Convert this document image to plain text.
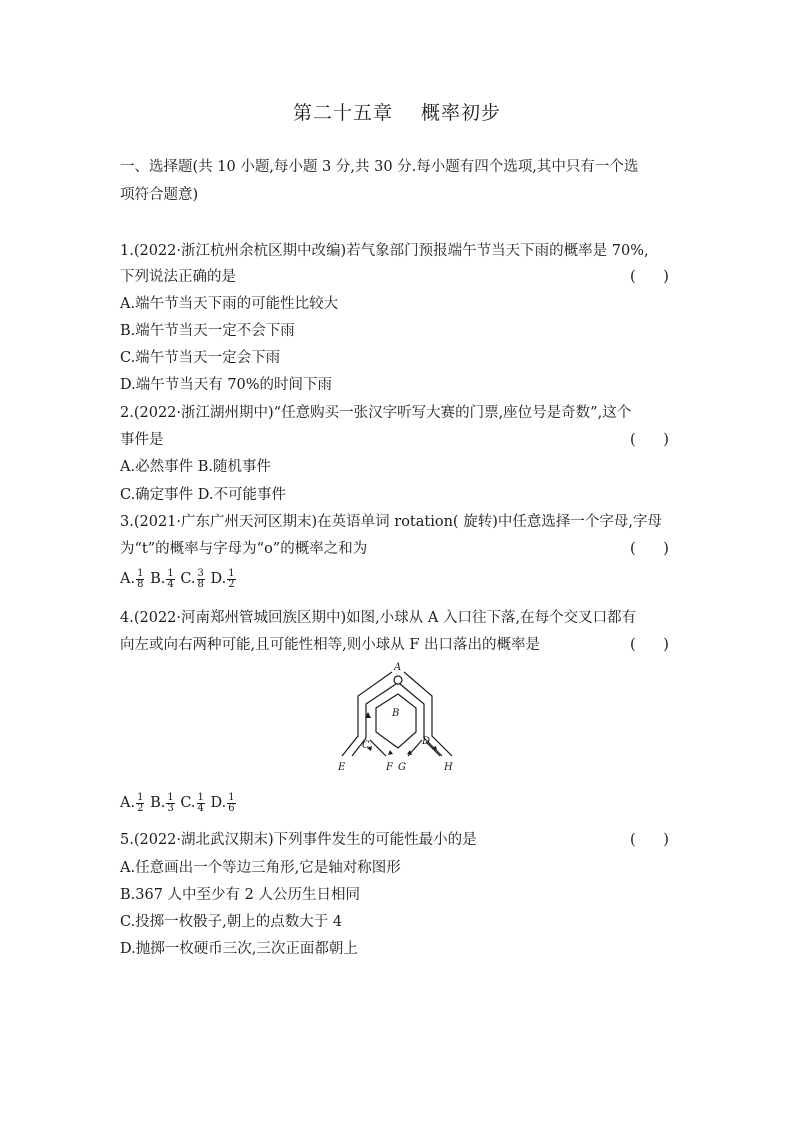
第二十五章 概率初步
一、选择题(共 10 小题,每小题 3 分,共 30 分.每小题有四个选项,其中只有一个选
项符合题意)
1.(2022·浙江杭州余杭区期中改编)若气象部门预报端午节当天下雨的概率是 70%,
下列说法正确的是	(      )
A.端午节当天下雨的可能性比较大
B.端午节当天一定不会下雨
C.端午节当天一定会下雨
D.端午节当天有 70%的时间下雨
2.(2022·浙江湖州期中)“任意购买一张汉字听写大赛的门票,座位号是奇数”,这个
事件是	(      )
A.必然事件 B.随机事件
C.确定事件 D.不可能事件
3.(2021·广东广州天河区期末)在英语单词 rotation( 旋转)中任意选择一个字母,字母
为“t”的概率与字母为“o”的概率之和为	(      )
A. $\frac{1}{8} B$. $\frac{1}{4} C$. $\frac{3}{8} D$. $\frac{1}{2}$
4.(2022·河南郑州管城回族区期中)如图,小球从 A 入口往下落,在每个交叉口都有
向左或向右两种可能,且可能性相等,则小球从 F 出口落出的概率是	(      )
A
B
C	D
E	F G	H
A. $\frac{1}{2} B$. $\frac{1}{3} C$. $\frac{1}{4} D$. $\frac{1}{6}$
5.(2022·湖北武汉期末)下列事件发生的可能性最小的是	(      )
A.任意画出一个等边三角形,它是轴对称图形
B.367 人中至少有 2 人公历生日相同
C.投掷一枚骰子,朝上的点数大于 4
D.抛掷一枚硬币三次,三次正面都朝上
